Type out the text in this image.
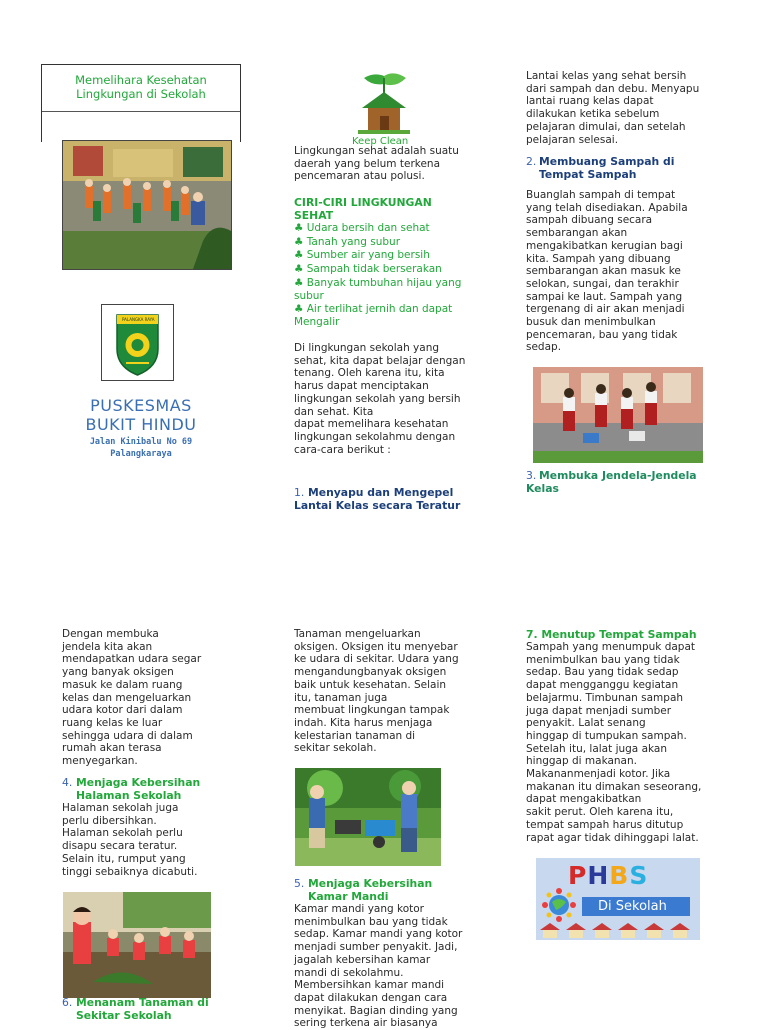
Memelihara Kesehatan
Lingkungan di Sekolah
PALANGKA RAYA
PUSKESMAS
BUKIT HINDU
Jalan Kinibalu No 69
Palangkaraya
Keep Clean
Lingkungan sehat adalah suatu
daerah yang belum terkena
pencemaran atau polusi.
CIRI-CIRI LINGKUNGAN
SEHAT
♣ Udara bersih dan sehat
♣ Tanah yang subur
♣ Sumber air yang bersih
♣ Sampah tidak berserakan
♣ Banyak tumbuhan hijau yang
subur
♣ Air terlihat jernih dan dapat
Mengalir
Di lingkungan sekolah yang
sehat, kita dapat belajar dengan
tenang. Oleh karena itu, kita
harus dapat menciptakan
lingkungan sekolah yang bersih
dan sehat. Kita
dapat memelihara kesehatan
lingkungan sekolahmu dengan
cara-cara berikut :
1. Menyapu dan Mengepel
Lantai Kelas secara Teratur
Lantai kelas yang sehat bersih
dari sampah dan debu. Menyapu
lantai ruang kelas dapat
dilakukan ketika sebelum
pelajaran dimulai, dan setelah
pelajaran selesai.
2. Membuang Sampah di
Tempat Sampah
Buanglah sampah di tempat
yang telah disediakan. Apabila
sampah dibuang secara
sembarangan akan
mengakibatkan kerugian bagi
kita. Sampah yang dibuang
sembarangan akan masuk ke
selokan, sungai, dan terakhir
sampai ke laut. Sampah yang
tergenang di air akan menjadi
busuk dan menimbulkan
pencemaran, bau yang tidak
sedap.
3. Membuka Jendela-Jendela
Kelas
Dengan membuka
jendela kita akan
mendapatkan udara segar
yang banyak oksigen
masuk ke dalam ruang
kelas dan mengeluarkan
udara kotor dari dalam
ruang kelas ke luar
sehingga udara di dalam
rumah akan terasa
menyegarkan.
4. Menjaga Kebersihan
Halaman Sekolah
Halaman sekolah juga
perlu dibersihkan.
Halaman sekolah perlu
disapu secara teratur.
Selain itu, rumput yang
tinggi sebaiknya dicabuti.
6. Menanam Tanaman di
Sekitar Sekolah
Tanaman mengeluarkan
oksigen. Oksigen itu menyebar
ke udara di sekitar. Udara yang
mengandungbanyak oksigen
baik untuk kesehatan. Selain
itu, tanaman juga
membuat lingkungan tampak
indah. Kita harus menjaga
kelestarian tanaman di
sekitar sekolah.
5. Menjaga Kebersihan
Kamar Mandi
Kamar mandi yang kotor
menimbulkan bau yang tidak
sedap. Kamar mandi yang kotor
menjadi sumber penyakit. Jadi,
jagalah kebersihan kamar
mandi di sekolahmu.
Membersihkan kamar mandi
dapat dilakukan dengan cara
menyikat. Bagian dinding yang
sering terkena air biasanya
7. Menutup Tempat Sampah
Sampah yang menumpuk dapat
menimbulkan bau yang tidak
sedap. Bau yang tidak sedap
dapat mengganggu kegiatan
belajarmu. Timbunan sampah
juga dapat menjadi sumber
penyakit. Lalat senang
hinggap di tumpukan sampah.
Setelah itu, lalat juga akan
hinggap di makanan.
Makananmenjadi kotor. Jika
makanan itu dimakan seseorang,
dapat mengakibatkan
sakit perut. Oleh karena itu,
tempat sampah harus ditutup
rapat agar tidak dihinggapi lalat.
PHBS
Di Sekolah
